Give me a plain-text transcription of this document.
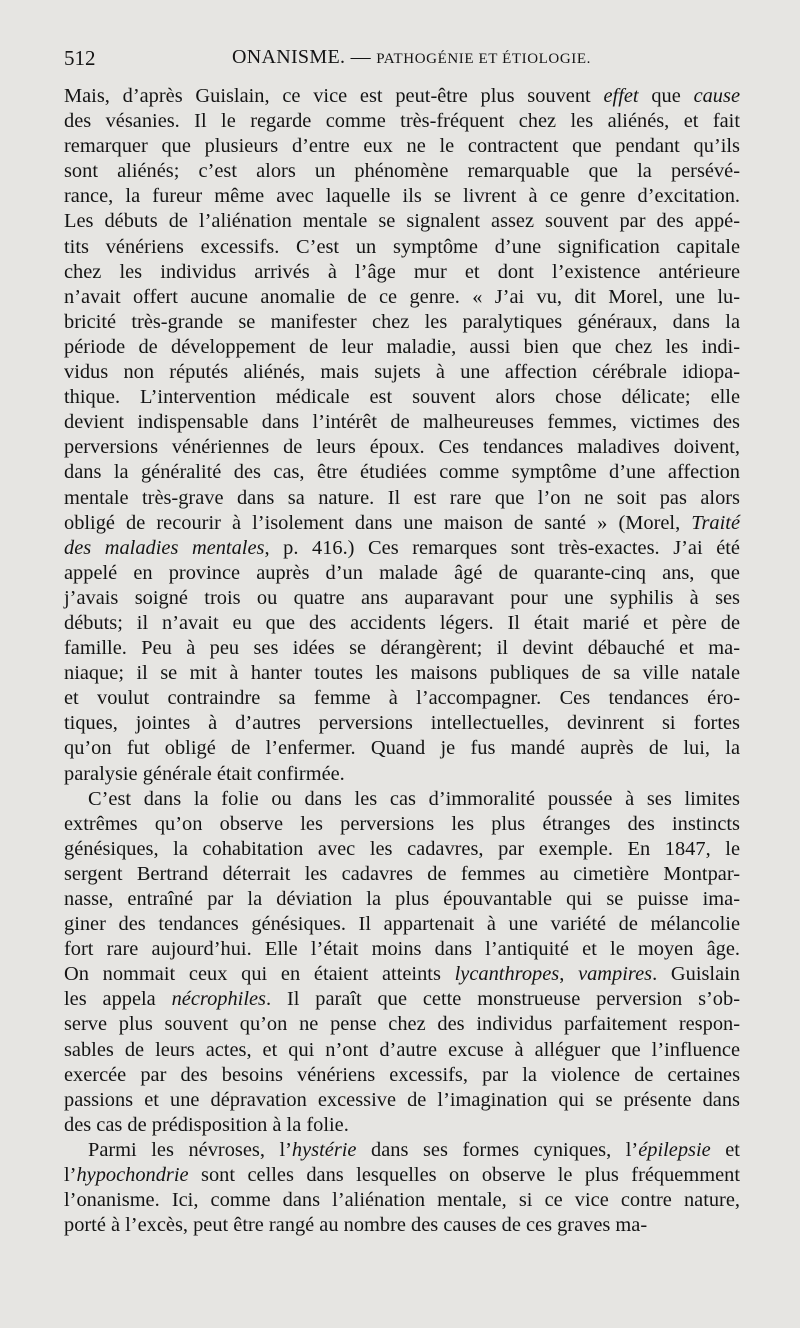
512	ONANISME. — PATHOGÉNIE ET ÉTIOLOGIE.
Mais, d’après Guislain, ce vice est peut-être plus souvent effet que cause
des vésanies. Il le regarde comme très-fréquent chez les aliénés, et fait
remarquer que plusieurs d’entre eux ne le contractent que pendant qu’ils
sont aliénés; c’est alors un phénomène remarquable que la persévé-
rance, la fureur même avec laquelle ils se livrent à ce genre d’excitation.
Les débuts de l’aliénation mentale se signalent assez souvent par des appé-
tits vénériens excessifs. C’est un symptôme d’une signification capitale
chez les individus arrivés à l’âge mur et dont l’existence antérieure
n’avait offert aucune anomalie de ce genre. « J’ai vu, dit Morel, une lu-
bricité très-grande se manifester chez les paralytiques généraux, dans la
période de développement de leur maladie, aussi bien que chez les indi-
vidus non réputés aliénés, mais sujets à une affection cérébrale idiopa-
thique. L’intervention médicale est souvent alors chose délicate; elle
devient indispensable dans l’intérêt de malheureuses femmes, victimes des
perversions vénériennes de leurs époux. Ces tendances maladives doivent,
dans la généralité des cas, être étudiées comme symptôme d’une affection
mentale très-grave dans sa nature. Il est rare que l’on ne soit pas alors
obligé de recourir à l’isolement dans une maison de santé » (Morel, Traité
des maladies mentales, p. 416.) Ces remarques sont très-exactes. J’ai été
appelé en province auprès d’un malade âgé de quarante-cinq ans, que
j’avais soigné trois ou quatre ans auparavant pour une syphilis à ses
débuts; il n’avait eu que des accidents légers. Il était marié et père de
famille. Peu à peu ses idées se dérangèrent; il devint débauché et ma-
niaque; il se mit à hanter toutes les maisons publiques de sa ville natale
et voulut contraindre sa femme à l’accompagner. Ces tendances éro-
tiques, jointes à d’autres perversions intellectuelles, devinrent si fortes
qu’on fut obligé de l’enfermer. Quand je fus mandé auprès de lui, la
paralysie générale était confirmée.
C’est dans la folie ou dans les cas d’immoralité poussée à ses limites
extrêmes qu’on observe les perversions les plus étranges des instincts
génésiques, la cohabitation avec les cadavres, par exemple. En 1847, le
sergent Bertrand déterrait les cadavres de femmes au cimetière Montpar-
nasse, entraîné par la déviation la plus épouvantable qui se puisse ima-
giner des tendances génésiques. Il appartenait à une variété de mélancolie
fort rare aujourd’hui. Elle l’était moins dans l’antiquité et le moyen âge.
On nommait ceux qui en étaient atteints lycanthropes, vampires. Guislain
les appela nécrophiles. Il paraît que cette monstrueuse perversion s’ob-
serve plus souvent qu’on ne pense chez des individus parfaitement respon-
sables de leurs actes, et qui n’ont d’autre excuse à alléguer que l’influence
exercée par des besoins vénériens excessifs, par la violence de certaines
passions et une dépravation excessive de l’imagination qui se présente dans
des cas de prédisposition à la folie.
Parmi les névroses, l’hystérie dans ses formes cyniques, l’épilepsie et
l’hypochondrie sont celles dans lesquelles on observe le plus fréquemment
l’onanisme. Ici, comme dans l’aliénation mentale, si ce vice contre nature,
porté à l’excès, peut être rangé au nombre des causes de ces graves ma-
